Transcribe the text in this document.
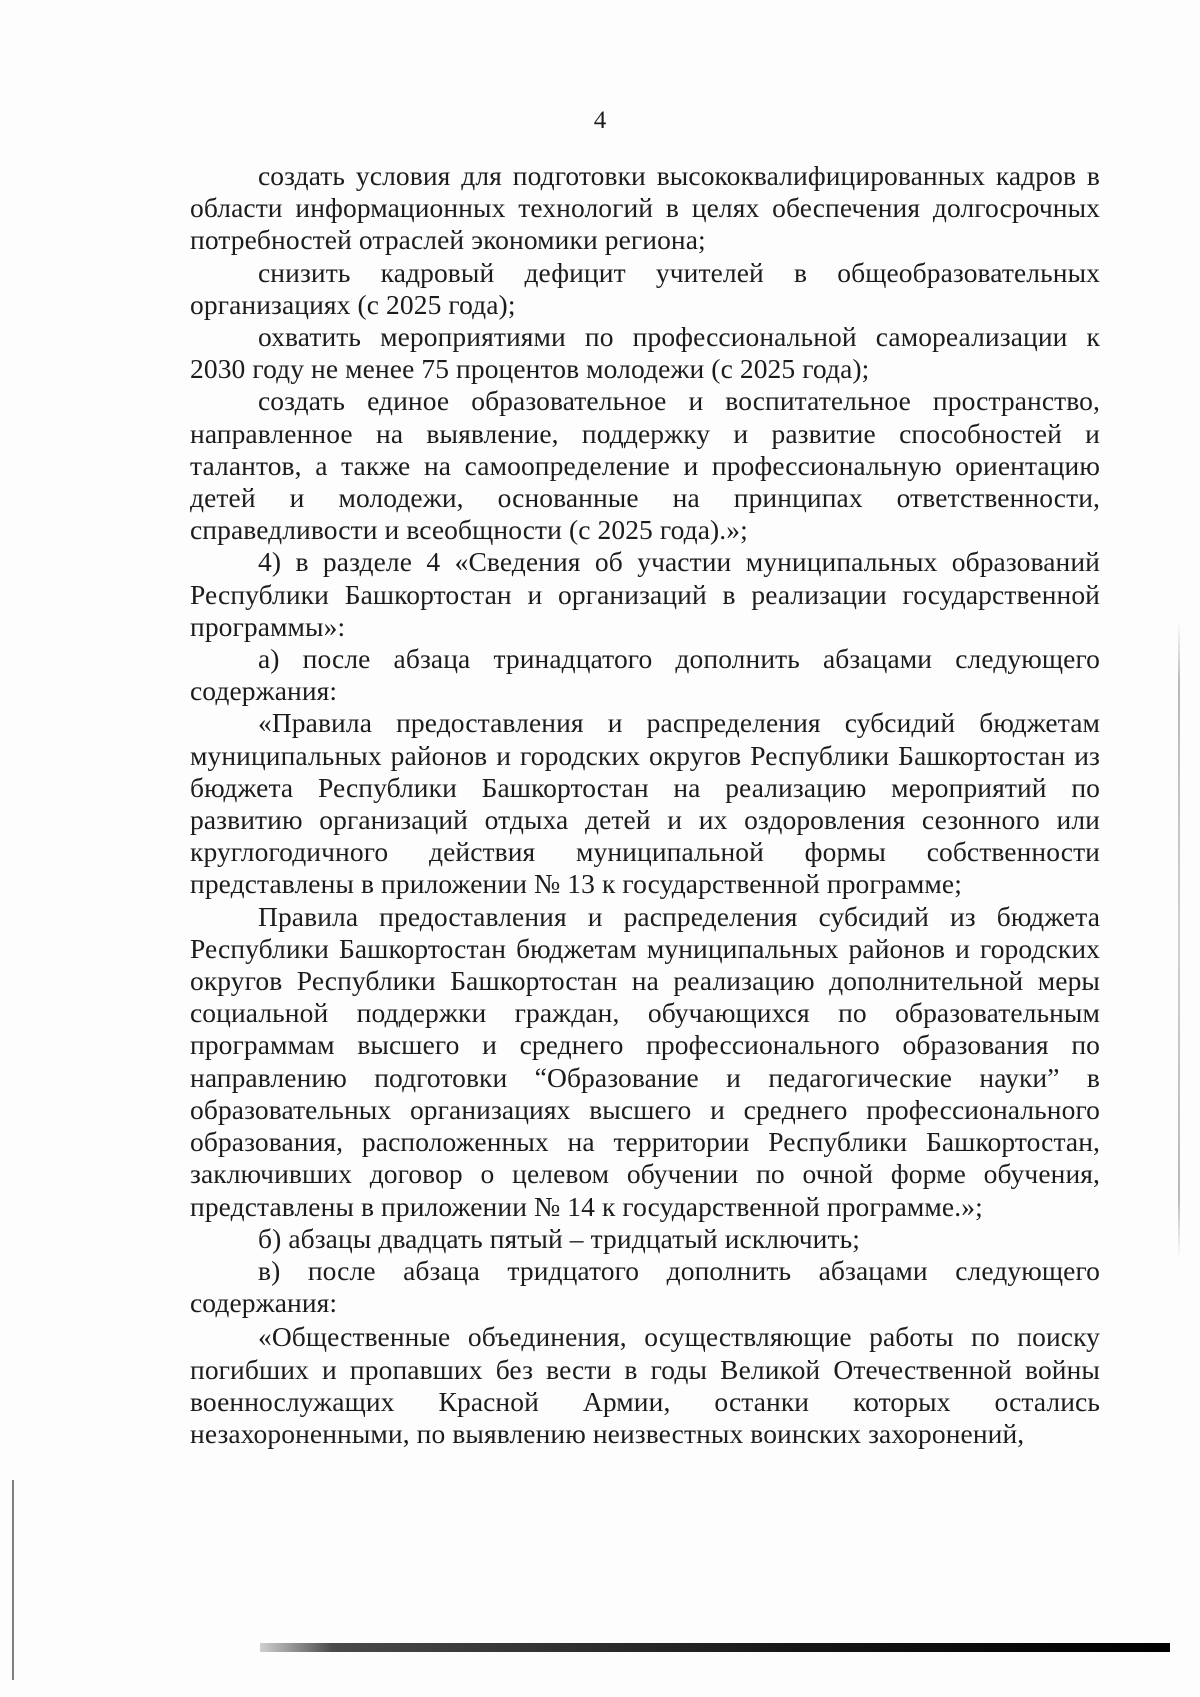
4

создать условия для подготовки высококвалифицированных кадров в области информационных технологий в целях обеспечения долгосрочных потребностей отраслей экономики региона;

снизить кадровый дефицит учителей в общеобразовательных организациях (с 2025 года);

охватить мероприятиями по профессиональной самореализации к 2030 году не менее 75 процентов молодежи (с 2025 года);

создать единое образовательное и воспитательное пространство, направленное на выявление, поддержку и развитие способностей и талантов, а также на самоопределение и профессиональную ориентацию детей и молодежи, основанные на принципах ответственности, справедливости и всеобщности (с 2025 года).»;

4) в разделе 4 «Сведения об участии муниципальных образований Республики Башкортостан и организаций в реализации государственной программы»:

а) после абзаца тринадцатого дополнить абзацами следующего содержания:

«Правила предоставления и распределения субсидий бюджетам муниципальных районов и городских округов Республики Башкортостан из бюджета Республики Башкортостан на реализацию мероприятий по развитию организаций отдыха детей и их оздоровления сезонного или круглогодичного действия муниципальной формы собственности представлены в приложении № 13 к государственной программе;

Правила предоставления и распределения субсидий из бюджета Республики Башкортостан бюджетам муниципальных районов и городских округов Республики Башкортостан на реализацию дополнительной меры социальной поддержки граждан, обучающихся по образовательным программам высшего и среднего профессионального образования по направлению подготовки “Образование и педагогические науки” в образовательных организациях высшего и среднего профессионального образования, расположенных на территории Республики Башкортостан, заключивших договор о целевом обучении по очной форме обучения, представлены в приложении № 14 к государственной программе.»;

б) абзацы двадцать пятый – тридцатый исключить;

в) после абзаца тридцатого дополнить абзацами следующего содержания:

«Общественные объединения, осуществляющие работы по поиску погибших и пропавших без вести в годы Великой Отечественной войны военнослужащих Красной Армии, останки которых остались незахороненными, по выявлению неизвестных воинских захоронений,
